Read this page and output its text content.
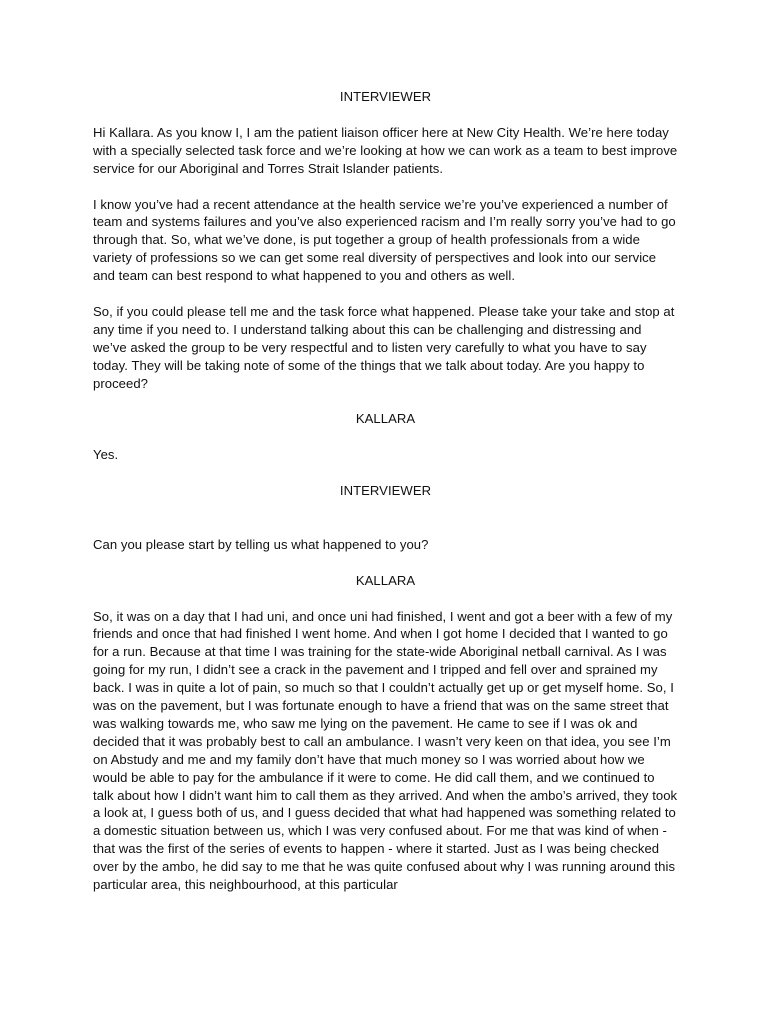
INTERVIEWER

Hi Kallara. As you know I, I am the patient liaison officer here at New City Health. We’re here today with a specially selected task force and we’re looking at how we can work as a team to best improve service for our Aboriginal and Torres Strait Islander patients.

I know you’ve had a recent attendance at the health service we’re you’ve experienced a number of team and systems failures and you’ve also experienced racism and I’m really sorry you’ve had to go through that. So, what we’ve done, is put together a group of health professionals from a wide variety of professions so we can get some real diversity of perspectives and look into our service and team can best respond to what happened to you and others as well.

So, if you could please tell me and the task force what happened. Please take your take and stop at any time if you need to. I understand talking about this can be challenging and distressing and we’ve asked the group to be very respectful and to listen very carefully to what you have to say today. They will be taking note of some of the things that we talk about today. Are you happy to proceed?

KALLARA

Yes.

INTERVIEWER

Can you please start by telling us what happened to you?

KALLARA

So, it was on a day that I had uni, and once uni had finished, I went and got a beer with a few of my friends and once that had finished I went home. And when I got home I decided that I wanted to go for a run. Because at that time I was training for the state-wide Aboriginal netball carnival. As I was going for my run, I didn’t see a crack in the pavement and I tripped and fell over and sprained my back. I was in quite a lot of pain, so much so that I couldn’t actually get up or get myself home. So, I was on the pavement, but I was fortunate enough to have a friend that was on the same street that was walking towards me, who saw me lying on the pavement. He came to see if I was ok and decided that it was probably best to call an ambulance. I wasn’t very keen on that idea, you see I’m on Abstudy and me and my family don’t have that much money so I was worried about how we would be able to pay for the ambulance if it were to come. He did call them, and we continued to talk about how I didn’t want him to call them as they arrived. And when the ambo’s arrived, they took a look at, I guess both of us, and I guess decided that what had happened was something related to a domestic situation between us, which I was very confused about. For me that was kind of when - that was the first of the series of events to happen - where it started. Just as I was being checked over by the ambo, he did say to me that he was quite confused about why I was running around this particular area, this neighbourhood, at this particular
